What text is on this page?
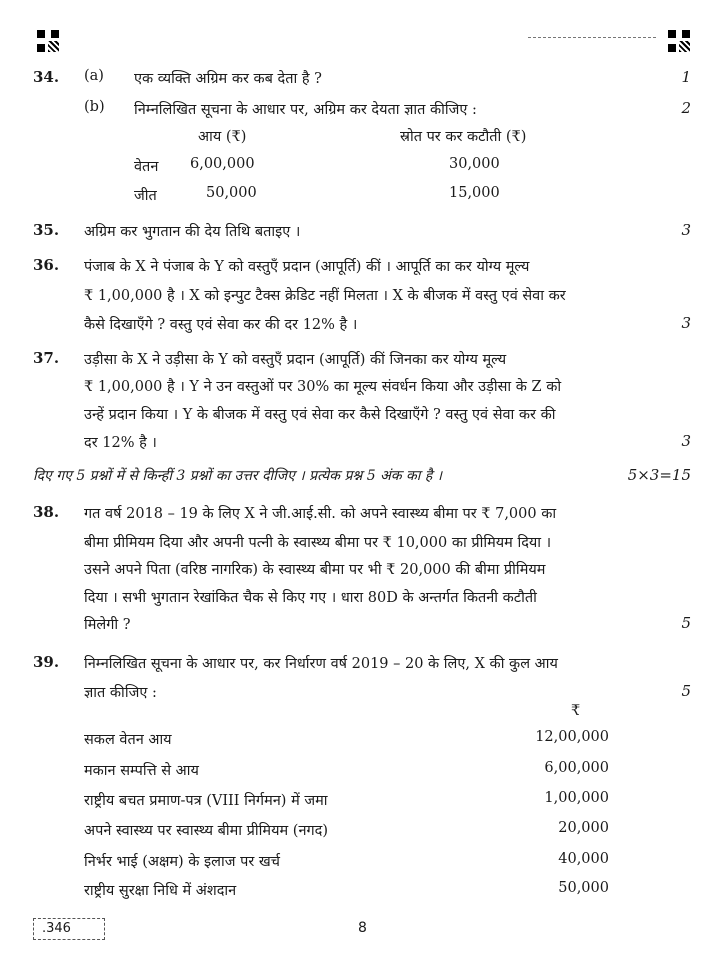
34. (a) एक व्यक्ति अग्रिम कर कब देता है ?	1
(b) निम्नलिखित सूचना के आधार पर, अग्रिम कर देयता ज्ञात कीजिए :	2
आय (₹)	स्रोत पर कर कटौती (₹)
वेतन 6,00,000	30,000
जीत	50,000	15,000
35. अग्रिम कर भुगतान की देय तिथि बताइए ।	3
36. पंजाब के X ने पंजाब के Y को वस्तुएँ प्रदान (आपूर्ति) कीं । आपूर्ति का कर योग्य मूल्य
₹ 1,00,000 है । X को इन्पुट टैक्स क्रेडिट नहीं मिलता । X के बीजक में वस्तु एवं सेवा कर
कैसे दिखाएँगे ? वस्तु एवं सेवा कर की दर 12% है ।	3
37. उड़ीसा के X ने उड़ीसा के Y को वस्तुएँ प्रदान (आपूर्ति) कीं जिनका कर योग्य मूल्य
₹ 1,00,000 है । Y ने उन वस्तुओं पर 30% का मूल्य संवर्धन किया और उड़ीसा के Z को
उन्हें प्रदान किया । Y के बीजक में वस्तु एवं सेवा कर कैसे दिखाएँगे ? वस्तु एवं सेवा कर की
दर 12% है ।	3
दिए गए 5 प्रश्नों में से किन्हीं 3 प्रश्नों का उत्तर दीजिए । प्रत्येक प्रश्न 5 अंक का है ।	5×3=15
38. गत वर्ष 2018 – 19 के लिए X ने जी.आई.सी. को अपने स्वास्थ्य बीमा पर ₹ 7,000 का
बीमा प्रीमियम दिया और अपनी पत्नी के स्वास्थ्य बीमा पर ₹ 10,000 का प्रीमियम दिया ।
उसने अपने पिता (वरिष्ठ नागरिक) के स्वास्थ्य बीमा पर भी ₹ 20,000 की बीमा प्रीमियम
दिया । सभी भुगतान रेखांकित चैक से किए गए । धारा 80D के अन्तर्गत कितनी कटौती
मिलेगी ?	5
39. निम्नलिखित सूचना के आधार पर, कर निर्धारण वर्ष 2019 – 20 के लिए, X की कुल आय
ज्ञात कीजिए :	5
₹
सकल वेतन आय	12,00,000
मकान सम्पत्ति से आय	6,00,000
राष्ट्रीय बचत प्रमाण-पत्र (VIII निर्गमन) में जमा	1,00,000
अपने स्वास्थ्य पर स्वास्थ्य बीमा प्रीमियम (नगद)	20,000
निर्भर भाई (अक्षम) के इलाज पर खर्च	40,000
राष्ट्रीय सुरक्षा निधि में अंशदान	50,000
.346	8
